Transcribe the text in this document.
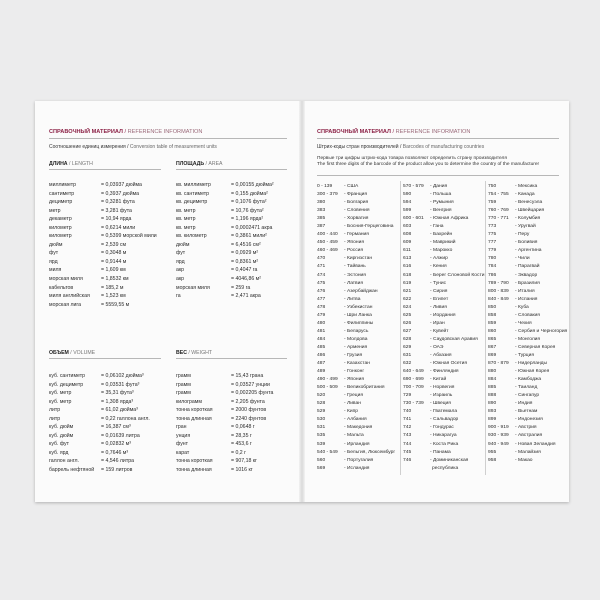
СПРАВОЧНЫЙ МАТЕРИАЛ / REFERENCE INFORMATION
Соотношение единиц измерения / Conversion table of measurement units
ДЛИНА / LENGTH	ПЛОЩАДЬ / AREA
миллиметр	= 0,03937 дюйма
сантиметр	= 0,3937 дюйма
дециметр	= 0,3281 фута
метр	= 3,281 фута
декаметр	= 10,94 ярда
километр	= 0,6214 мили
километр	= 0,5399 морской мили
дюйм	= 2,539 см
фут	= 0,3048 м
ярд	= 0,9144 м
миля	= 1,609 км
морская миля	= 1,8532 км
кабельтов	= 185,2 м
миля английская = 1,523 км
морская лига	= 5559,55 м
кв. миллиметр	= 0,00155 дюйма²
кв. сантиметр	= 0,155 дюйма²
кв. дециметр	= 0,1076 фута²
кв. метр	= 10,76 фута²
кв. метр	= 1,196 ярда²
кв. метр	= 0,0002471 акра
кв. километр	= 0,3861 мили²
дюйм	= 6,4516 см²
фут	= 0,0929 м²
ярд	= 0,8361 м²
акр	= 0,4047 га
акр	= 4046,86 м²
морская миля	= 259 га
га	= 2,471 акра
ОБЪЕМ / VOLUME	ВЕС / WEIGHT
куб. сантиметр	= 0,06102 дюйма³
куб. дециметр	= 0,03531 фута³
куб. метр	= 35,31 фута³
куб. метр	= 1,308 ярда³
литр	= 61,02 дюйма³
литр	= 0,22 галлона англ.
куб. дюйм	= 16,387 см³
куб. дюйм	= 0,01639 литра
куб. фут	= 0,02832 м³
куб. ярд	= 0,7646 м³
галлон англ.	= 4,546 литра
баррель нефтяной = 159 литров
грамм	= 15,43 грана
грамм	= 0,03527 унции
грамм	= 0,002205 фунта
килограмм	= 2,205 фунта
тонна короткая	= 2000 фунтов
тонна длинная	= 2240 фунтов
гран	= 0,0648 г
унция	= 28,35 г
фунт	= 453,6 г
карат	= 0,2 г
тонна короткая	= 907,18 кг
тонна длинная	= 1016 кг
СПРАВОЧНЫЙ МАТЕРИАЛ / REFERENCE INFORMATION
Штрих-коды стран производителей / Barcodes of manufacturing countries
Первые три цифры штрих-кода товара позволяют определить страну производителя
The first three digits of the barcode of the product allow you to determine the country of the manufacturer
0 - 139 - США
300 - 379 - Франция
380	- Болгария
383	- Словения
385	- Хорватия
387	- Босния-Герцеговина
400 - 440 - Германия
450 - 459 - Япония
460 - 469 - Россия
470	- Киргизстан
471	- Тайвань
474	- Эстония
475	- Латвия
476	- Азербайджан
477	- Литва
478	- Узбекистан
479	- Шри Ланка
480	- Филиппины
481	- Беларусь
484	- Молдова
485	- Армения
486	- Грузия
487	- Казахстан
489	- Гонконг
490 - 499 - Япония
500 - 509 - Великобритания
520	- Греция
528	- Ливан
529	- Кипр
530	- Албания
531	- Македония
535	- Мальта
539	- Ирландия
540 - 549 - Бельгия, Люксембург
560	- Португалия
569	- Исландия
570 - 579 - Дания
590	- Польша
594	- Румыния
599	- Венгрия
600 - 601 - Южная Африка
603	- Гана
608	- Бахрейн
609	- Маврикий
611	- Марокко
613	- Алжир
616	- Кения
618	- Берег Слоновой Кости
619	- Тунис
621	- Сирия
622	- Египет
624	- Ливия
625	- Иордания
626	- Иран
627	- Кувейт
628	- Саудовская Аравия
629	- ОАЭ
631	- Абхазия
632	- Южная Осетия
640 - 649 - Финляндия
690 - 699 - Китай
700 - 709 - Норвегия
729	- Израиль
730 - 739 - Швеция
740	- Гватемала
741	- Сальвадор
742	- Гондурас
743	- Никарагуа
744	- Коста Рика
745	- Панама
746	- Доминиканская
республика
750	- Мексика
754 - 755 - Канада
759	- Венесуэла
760 - 769 - Швейцария
770 - 771 - Колумбия
773	- Уругвай
775	- Перу
777	- Боливия
779	- Аргентина
780	- Чили
784	- Парагвай
786	- Эквадор
789 - 790 - Бразилия
800 - 839 - Италия
840 - 849 - Испания
850	- Куба
858	- Словакия
859	- Чехия
860	- Сербия и Черногория
865	- Монголия
867	- Северная Корея
869	- Турция
870 - 879 - Нидерланды
880	- Южная Корея
884	- Камбоджа
885	- Таиланд
888	- Сингапур
890	- Индия
893	- Вьетнам
899	- Индонезия
900 - 919 - Австрия
930 - 939 - Австралия
940 - 949 - Новая Зеландия
955	- Малайзия
958	- Макао
